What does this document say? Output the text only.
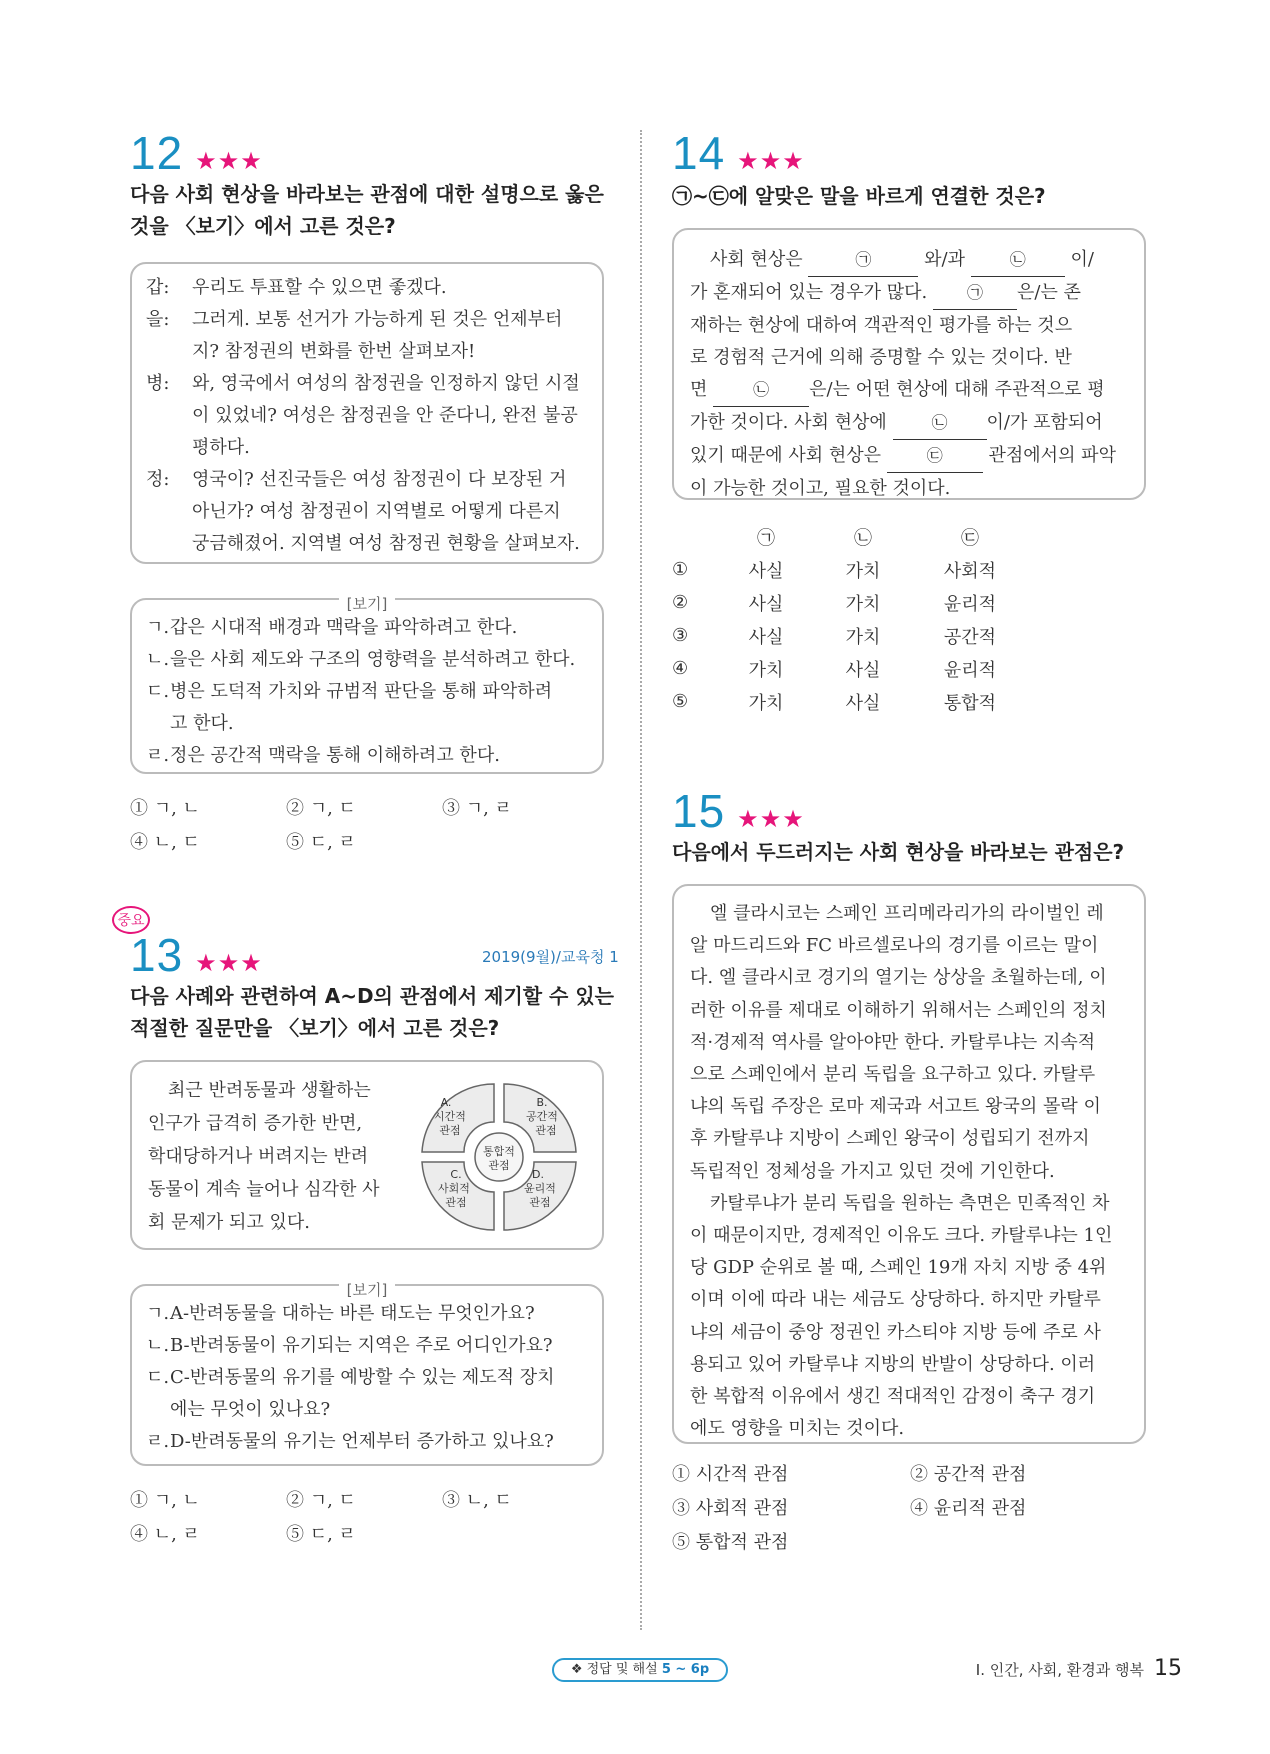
12 ★★★
다음 사회 현상을 바라보는 관점에 대한 설명으로 옳은 것을 〈보기〉에서 고른 것은?
갑:	우리도 투표할 수 있으면 좋겠다.
을:	그러게. 보통 선거가 가능하게 된 것은 언제부터
지? 참정권의 변화를 한번 살펴보자!
병:	와, 영국에서 여성의 참정권을 인정하지 않던 시절
이 있었네? 여성은 참정권을 안 준다니, 완전 불공
평하다.
정:	영국이? 선진국들은 여성 참정권이 다 보장된 거
아닌가? 여성 참정권이 지역별로 어떻게 다른지
궁금해졌어. 지역별 여성 참정권 현황을 살펴보자.
[보기]
ㄱ. 갑은 시대적 배경과 맥락을 파악하려고 한다.
ㄴ. 을은 사회 제도와 구조의 영향력을 분석하려고 한다.
ㄷ. 병은 도덕적 가치와 규범적 판단을 통해 파악하려
고 한다.
ㄹ. 정은 공간적 맥락을 통해 이해하려고 한다.
① ㄱ, ㄴ	② ㄱ, ㄷ	③ ㄱ, ㄹ
④ ㄴ, ㄷ	⑤ ㄷ, ㄹ
중요
13 ★★★	2019(9월)/교육청 1
다음 사례와 관련하여 A~D의 관점에서 제기할 수 있는 적절한 질문만을 〈보기〉에서 고른 것은?
최근 반려동물과 생활하는
인구가 급격히 증가한 반면,
학대당하거나 버려지는 반려
동물이 계속 늘어나 심각한 사
회 문제가 되고 있다.
A.
시간적
관점
B.
공간적
관점
C.
사회적
관점
D.
윤리적
관점
통합적
관점
[보기]
ㄱ. A-반려동물을 대하는 바른 태도는 무엇인가요?
ㄴ. B-반려동물이 유기되는 지역은 주로 어디인가요?
ㄷ. C-반려동물의 유기를 예방할 수 있는 제도적 장치
에는 무엇이 있나요?
ㄹ. D-반려동물의 유기는 언제부터 증가하고 있나요?
① ㄱ, ㄴ	② ㄱ, ㄷ	③ ㄴ, ㄷ
④ ㄴ, ㄹ	⑤ ㄷ, ㄹ
14 ★★★
㉠~㉢에 알맞은 말을 바르게 연결한 것은?
사회 현상은	㉠	와/과	㉡ 이/
가 혼재되어 있는 경우가 많다. ㉠ 은/는 존
재하는 현상에 대하여 객관적인 평가를 하는 것으
로 경험적 근거에 의해 증명할 수 있는 것이다. 반
면	㉡ 은/는 어떤 현상에 대해 주관적으로 평
가한 것이다. 사회 현상에	㉡ 이/가 포함되어
있기 때문에 사회 현상은	㉢	관점에서의 파악
이 가능한 것이고, 필요한 것이다.
㉠	㉡	㉢
①	사실	가치	사회적
②	사실	가치	윤리적
③	사실	가치	공간적
④	가치	사실	윤리적
⑤	가치	사실	통합적
15 ★★★
다음에서 두드러지는 사회 현상을 바라보는 관점은?
엘 클라시코는 스페인 프리메라리가의 라이벌인 레
알 마드리드와 FC 바르셀로나의 경기를 이르는 말이
다. 엘 클라시코 경기의 열기는 상상을 초월하는데, 이
러한 이유를 제대로 이해하기 위해서는 스페인의 정치
적·경제적 역사를 알아야만 한다. 카탈루냐는 지속적
으로 스페인에서 분리 독립을 요구하고 있다. 카탈루
냐의 독립 주장은 로마 제국과 서고트 왕국의 몰락 이
후 카탈루냐 지방이 스페인 왕국이 성립되기 전까지
독립적인 정체성을 가지고 있던 것에 기인한다.
카탈루냐가 분리 독립을 원하는 측면은 민족적인 차
이 때문이지만, 경제적인 이유도 크다. 카탈루냐는 1인
당 GDP 순위로 볼 때, 스페인 19개 자치 지방 중 4위
이며 이에 따라 내는 세금도 상당하다. 하지만 카탈루
냐의 세금이 중앙 정권인 카스티야 지방 등에 주로 사
용되고 있어 카탈루냐 지방의 반발이 상당하다. 이러
한 복합적 이유에서 생긴 적대적인 감정이 축구 경기
에도 영향을 미치는 것이다.
① 시간적 관점	② 공간적 관점
③ 사회적 관점	④ 윤리적 관점
⑤ 통합적 관점
❖ 정답 및 해설 5 ~ 6p	Ⅰ. 인간, 사회, 환경과 행복 15
